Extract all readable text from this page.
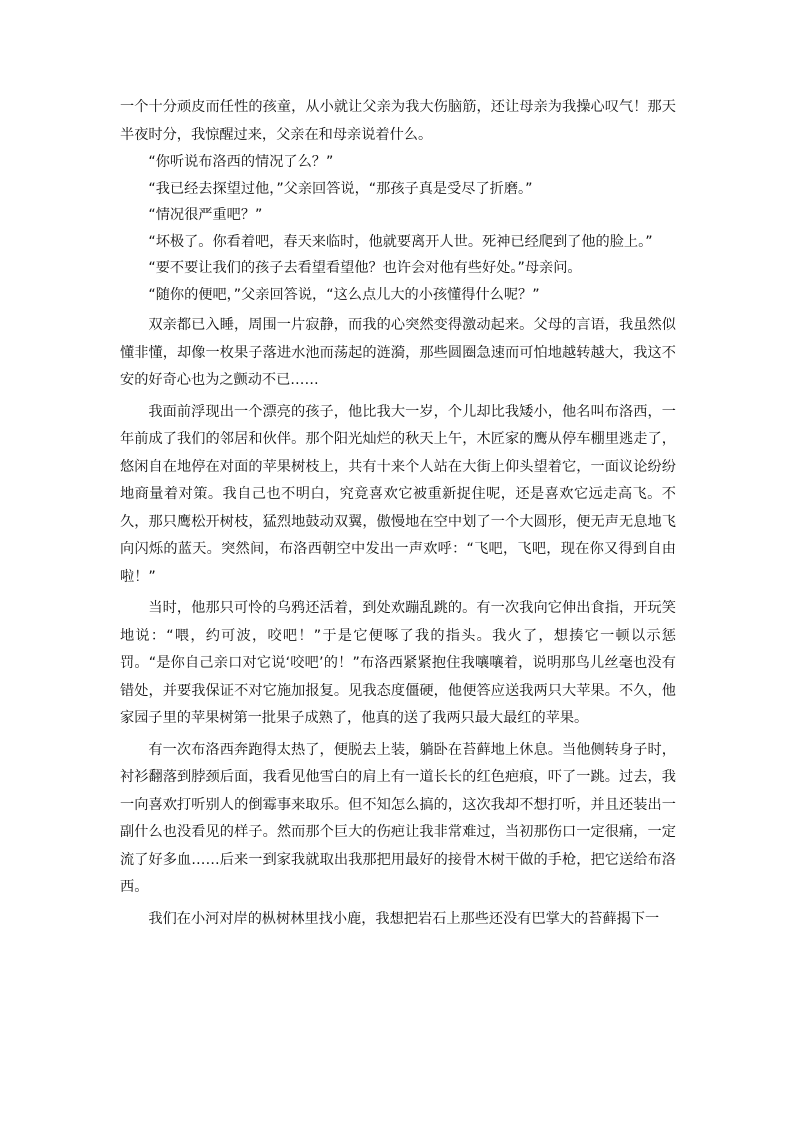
一个十分顽皮而任性的孩童，从小就让父亲为我大伤脑筋，还让母亲为我操心叹气！那天半夜时分，我惊醒过来，父亲在和母亲说着什么。

“你听说布洛西的情况了么？”

“我已经去探望过他，”父亲回答说，“那孩子真是受尽了折磨。”

“情况很严重吧？”

“坏极了。你看着吧，春天来临时，他就要离开人世。死神已经爬到了他的脸上。”

“要不要让我们的孩子去看望看望他？也许会对他有些好处。”母亲问。

“随你的便吧，”父亲回答说，“这么点儿大的小孩懂得什么呢？”

双亲都已入睡，周围一片寂静，而我的心突然变得激动起来。父母的言语，我虽然似懂非懂，却像一枚果子落进水池而荡起的涟漪，那些圆圈急速而可怕地越转越大，我这不安的好奇心也为之颤动不已……

我面前浮现出一个漂亮的孩子，他比我大一岁，个儿却比我矮小，他名叫布洛西，一年前成了我们的邻居和伙伴。那个阳光灿烂的秋天上午，木匠家的鹰从停车棚里逃走了，悠闲自在地停在对面的苹果树枝上，共有十来个人站在大街上仰头望着它，一面议论纷纷地商量着对策。我自己也不明白，究竟喜欢它被重新捉住呢，还是喜欢它远走高飞。不久，那只鹰松开树枝，猛烈地鼓动双翼，傲慢地在空中划了一个大圆形，便无声无息地飞向闪烁的蓝天。突然间，布洛西朝空中发出一声欢呼：“飞吧，飞吧，现在你又得到自由啦！”

当时，他那只可怜的乌鸦还活着，到处欢蹦乱跳的。有一次我向它伸出食指，开玩笑地说：“喂，约可波，咬吧！”于是它便啄了我的指头。我火了，想揍它一顿以示惩罚。“是你自己亲口对它说‘咬吧’的！”布洛西紧紧抱住我嚷嚷着，说明那鸟儿丝毫也没有错处，并要我保证不对它施加报复。见我态度僵硬，他便答应送我两只大苹果。不久，他家园子里的苹果树第一批果子成熟了，他真的送了我两只最大最红的苹果。

有一次布洛西奔跑得太热了，便脱去上装，躺卧在苔藓地上休息。当他侧转身子时，衬衫翻落到脖颈后面，我看见他雪白的肩上有一道长长的红色疤痕，吓了一跳。过去，我一向喜欢打听别人的倒霉事来取乐。但不知怎么搞的，这次我却不想打听，并且还装出一副什么也没看见的样子。然而那个巨大的伤疤让我非常难过，当初那伤口一定很痛，一定流了好多血……后来一到家我就取出我那把用最好的接骨木树干做的手枪，把它送给布洛西。

我们在小河对岸的枞树林里找小鹿，我想把岩石上那些还没有巴掌大的苔藓揭下一
